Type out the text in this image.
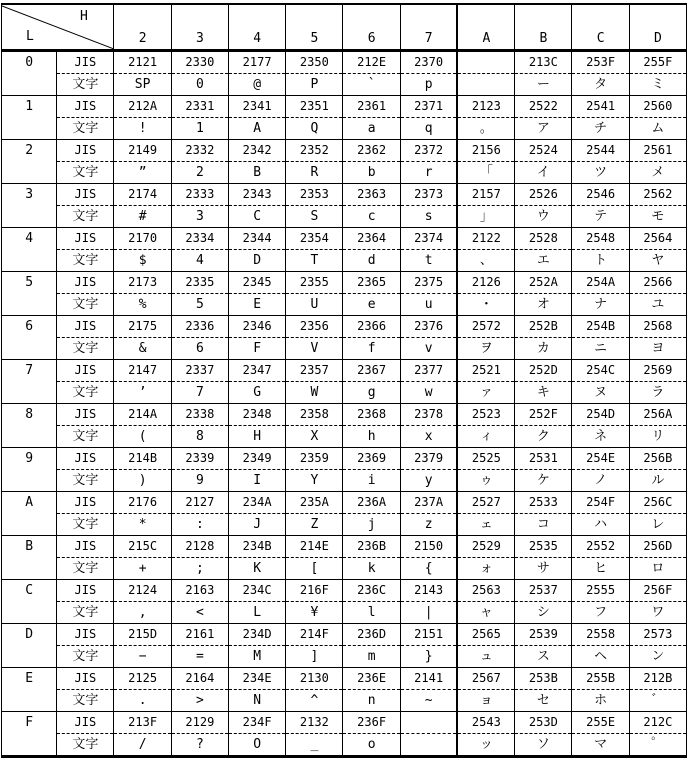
H
L		2	3	4	5	6	7	A	B	C	D
0	JIS	2121	2330	2177	2350	212E	2370		213C	253F	255F
	文字	SP	0	@	P	`	p		ー	タ	ミ
1	JIS	212A	2331	2341	2351	2361	2371	2123	2522	2541	2560
	文字	!	1	A	Q	a	q	。	ア	チ	ム
2	JIS	2149	2332	2342	2352	2362	2372	2156	2524	2544	2561
	文字	”	2	B	R	b	r	「	イ	ツ	メ
3	JIS	2174	2333	2343	2353	2363	2373	2157	2526	2546	2562
	文字	#	3	C	S	c	s	」	ウ	テ	モ
4	JIS	2170	2334	2344	2354	2364	2374	2122	2528	2548	2564
	文字	$	4	D	T	d	t	、	エ	ト	ヤ
5	JIS	2173	2335	2345	2355	2365	2375	2126	252A	254A	2566
	文字	%	5	E	U	e	u	・	オ	ナ	ユ
6	JIS	2175	2336	2346	2356	2366	2376	2572	252B	254B	2568
	文字	&	6	F	V	f	v	ヲ	カ	ニ	ヨ
7	JIS	2147	2337	2347	2357	2367	2377	2521	252D	254C	2569
	文字	’	7	G	W	g	w	ァ	キ	ヌ	ラ
8	JIS	214A	2338	2348	2358	2368	2378	2523	252F	254D	256A
	文字	(	8	H	X	h	x	ィ	ク	ネ	リ
9	JIS	214B	2339	2349	2359	2369	2379	2525	2531	254E	256B
	文字	)	9	I	Y	i	y	ゥ	ケ	ノ	ル
A	JIS	2176	2127	234A	235A	236A	237A	2527	2533	254F	256C
	文字	*	:	J	Z	j	z	ェ	コ	ハ	レ
B	JIS	215C	2128	234B	214E	236B	2150	2529	2535	2552	256D
	文字	+	;	K	[	k	{	ォ	サ	ヒ	ロ
C	JIS	2124	2163	234C	216F	236C	2143	2563	2537	2555	256F
	文字	,	<	L	¥	l	|	ャ	シ	フ	ワ
D	JIS	215D	2161	234D	214F	236D	2151	2565	2539	2558	2573
	文字	−	=	M	]	m	}	ュ	ス	ヘ	ン
E	JIS	2125	2164	234E	2130	236E	2141	2567	253B	255B	212B
	文字	.	>	N	^	n	~	ョ	セ	ホ	゛
F	JIS	213F	2129	234F	2132	236F		2543	253D	255E	212C
	文字	/	?	O	_	o		ッ	ソ	マ	゜
